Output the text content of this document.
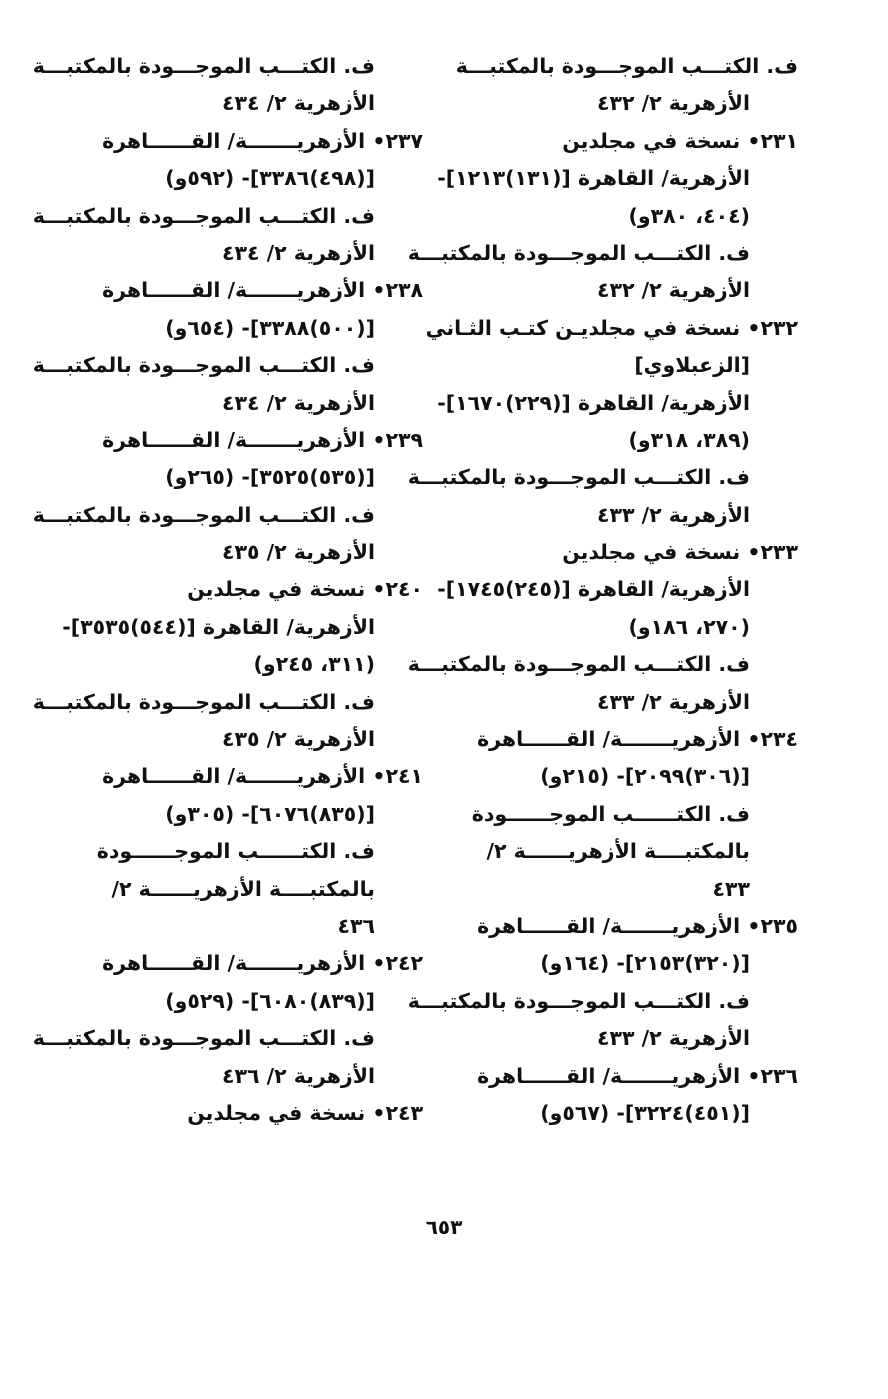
ف. الكتـــب الموجـــودة بالمكتبـــة
الأزهرية ٢/ ٤٣٢
٢٣١• نسخة في مجلدين
الأزهرية/ القاهرة [(١٣١)١٢١٣]-
(٤٠٤، ٣٨٠و)
ف. الكتـــب الموجـــودة بالمكتبـــة
الأزهرية ٢/ ٤٣٢
٢٣٢• نسخة في مجلديـن كتـب الثـاني
[الزعبلاوي]
الأزهرية/ القاهرة [(٢٢٩)١٦٧٠]-
(٣٨٩، ٣١٨و)
ف. الكتـــب الموجـــودة بالمكتبـــة
الأزهرية ٢/ ٤٣٣
٢٣٣• نسخة في مجلدين
الأزهرية/ القاهرة [(٢٤٥)١٧٤٥]-
(٢٧٠، ١٨٦و)
ف. الكتـــب الموجـــودة بالمكتبـــة
الأزهرية ٢/ ٤٣٣
٢٣٤• الأزهريـــــــة/ القــــــاهرة
[(٣٠٦)٢٠٩٩]- (٢١٥و)
ف. الكتــــــب الموجــــــودة
بالمكتبــــة الأزهريــــــة ٢/
٤٣٣
٢٣٥• الأزهريـــــــة/ القــــــاهرة
[(٣٢٠)٢١٥٣]- (١٦٤و)
ف. الكتـــب الموجـــودة بالمكتبـــة
الأزهرية ٢/ ٤٣٣
٢٣٦• الأزهريـــــــة/ القــــــاهرة
[(٤٥١)٣٢٢٤]- (٥٦٧و)
ف. الكتـــب الموجـــودة بالمكتبـــة
الأزهرية ٢/ ٤٣٤
٢٣٧• الأزهريـــــــة/ القــــــاهرة
[(٤٩٨)٣٣٨٦]- (٥٩٢و)
ف. الكتـــب الموجـــودة بالمكتبـــة
الأزهرية ٢/ ٤٣٤
٢٣٨• الأزهريـــــــة/ القــــــاهرة
[(٥٠٠)٣٣٨٨]- (٦٥٤و)
ف. الكتـــب الموجـــودة بالمكتبـــة
الأزهرية ٢/ ٤٣٤
٢٣٩• الأزهريـــــــة/ القــــــاهرة
[(٥٣٥)٣٥٢٥]- (٢٦٥و)
ف. الكتـــب الموجـــودة بالمكتبـــة
الأزهرية ٢/ ٤٣٥
٢٤٠• نسخة في مجلدين
الأزهرية/ القاهرة [(٥٤٤)٣٥٣٥]-
(٣١١، ٢٤٥و)
ف. الكتـــب الموجـــودة بالمكتبـــة
الأزهرية ٢/ ٤٣٥
٢٤١• الأزهريـــــــة/ القــــــاهرة
[(٨٣٥)٦٠٧٦]- (٣٠٥و)
ف. الكتــــــب الموجــــــودة
بالمكتبــــة الأزهريــــــة ٢/
٤٣٦
٢٤٢• الأزهريـــــــة/ القــــــاهرة
[(٨٣٩)٦٠٨٠]- (٥٢٩و)
ف. الكتـــب الموجـــودة بالمكتبـــة
الأزهرية ٢/ ٤٣٦
٢٤٣• نسخة في مجلدين
٦٥٣
